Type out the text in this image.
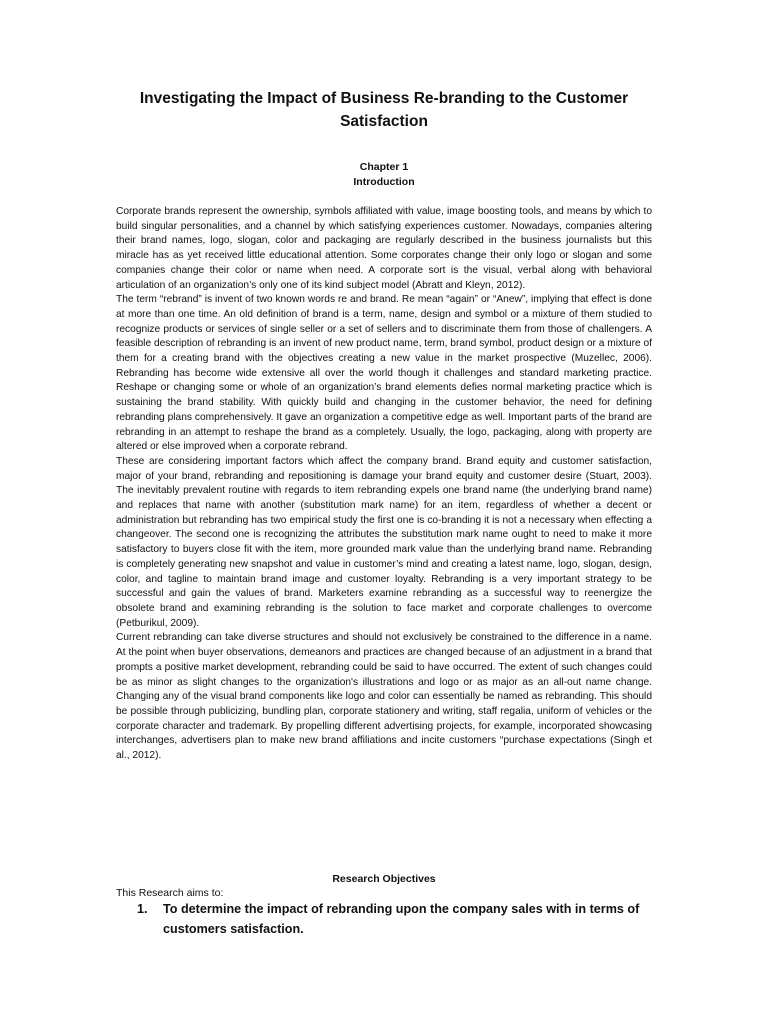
Investigating the Impact of Business Re-branding to the Customer Satisfaction
Chapter 1
Introduction

Corporate brands represent the ownership, symbols affiliated with value, image boosting tools, and means by which to build singular personalities, and a channel by which satisfying experiences customer. Nowadays, companies altering their brand names, logo, slogan, color and packaging are regularly described in the business journalists but this miracle has as yet received little educational attention. Some corporates change their only logo or slogan and some companies change their color or name when need. A corporate sort is the visual, verbal along with behavioral articulation of an organization’s only one of its kind subject model (Abratt and Kleyn, 2012).

The term “rebrand” is invent of two known words re and brand. Re mean “again” or “Anew”, implying that effect is done at more than one time. An old definition of brand is a term, name, design and symbol or a mixture of them studied to recognize products or services of single seller or a set of sellers and to discriminate them from those of challengers. A feasible description of rebranding is an invent of new product name, term, brand symbol, product design or a mixture of them for a creating brand with the objectives creating a new value in the market prospective (Muzellec, 2006). Rebranding has become wide extensive all over the world though it challenges and standard marketing practice. Reshape or changing some or whole of an organization’s brand elements defies normal marketing practice which is sustaining the brand stability. With quickly build and changing in the customer behavior, the need for defining rebranding plans comprehensively. It gave an organization a competitive edge as well. Important parts of the brand are rebranding in an attempt to reshape the brand as a completely. Usually, the logo, packaging, along with property are altered or else improved when a corporate rebrand.

These are considering important factors which affect the company brand. Brand equity and customer satisfaction, major of your brand, rebranding and repositioning is damage your brand equity and customer desire (Stuart, 2003). The inevitably prevalent routine with regards to item rebranding expels one brand name (the underlying brand name) and replaces that name with another (substitution mark name) for an item, regardless of whether a decent or administration but rebranding has two empirical study the first one is co-branding it is not a necessary when effecting a changeover. The second one is recognizing the attributes the substitution mark name ought to need to make it more satisfactory to buyers close fit with the item, more grounded mark value than the underlying brand name. Rebranding is completely generating new snapshot and value in customer’s mind and creating a latest name, logo, slogan, design, color, and tagline to maintain brand image and customer loyalty. Rebranding is a very important strategy to be successful and gain the values of brand. Marketers examine rebranding as a successful way to reenergize the obsolete brand and examining rebranding is the solution to face market and corporate challenges to overcome (Petburikul, 2009).

Current rebranding can take diverse structures and should not exclusively be constrained to the difference in a name. At the point when buyer observations, demeanors and practices are changed because of an adjustment in a brand that prompts a positive market development, rebranding could be said to have occurred. The extent of such changes could be as minor as slight changes to the organization's illustrations and logo or as major as an all-out name change. Changing any of the visual brand components like logo and color can essentially be named as rebranding. This should be possible through publicizing, bundling plan, corporate stationery and writing, staff regalia, uniform of vehicles or the corporate character and trademark. By propelling different advertising projects, for example, incorporated showcasing interchanges, advertisers plan to make new brand affiliations and incite customers “purchase expectations (Singh et al., 2012).

Research Objectives
This Research aims to:
1.	To determine the impact of rebranding upon the company sales with in terms of customers satisfaction.
